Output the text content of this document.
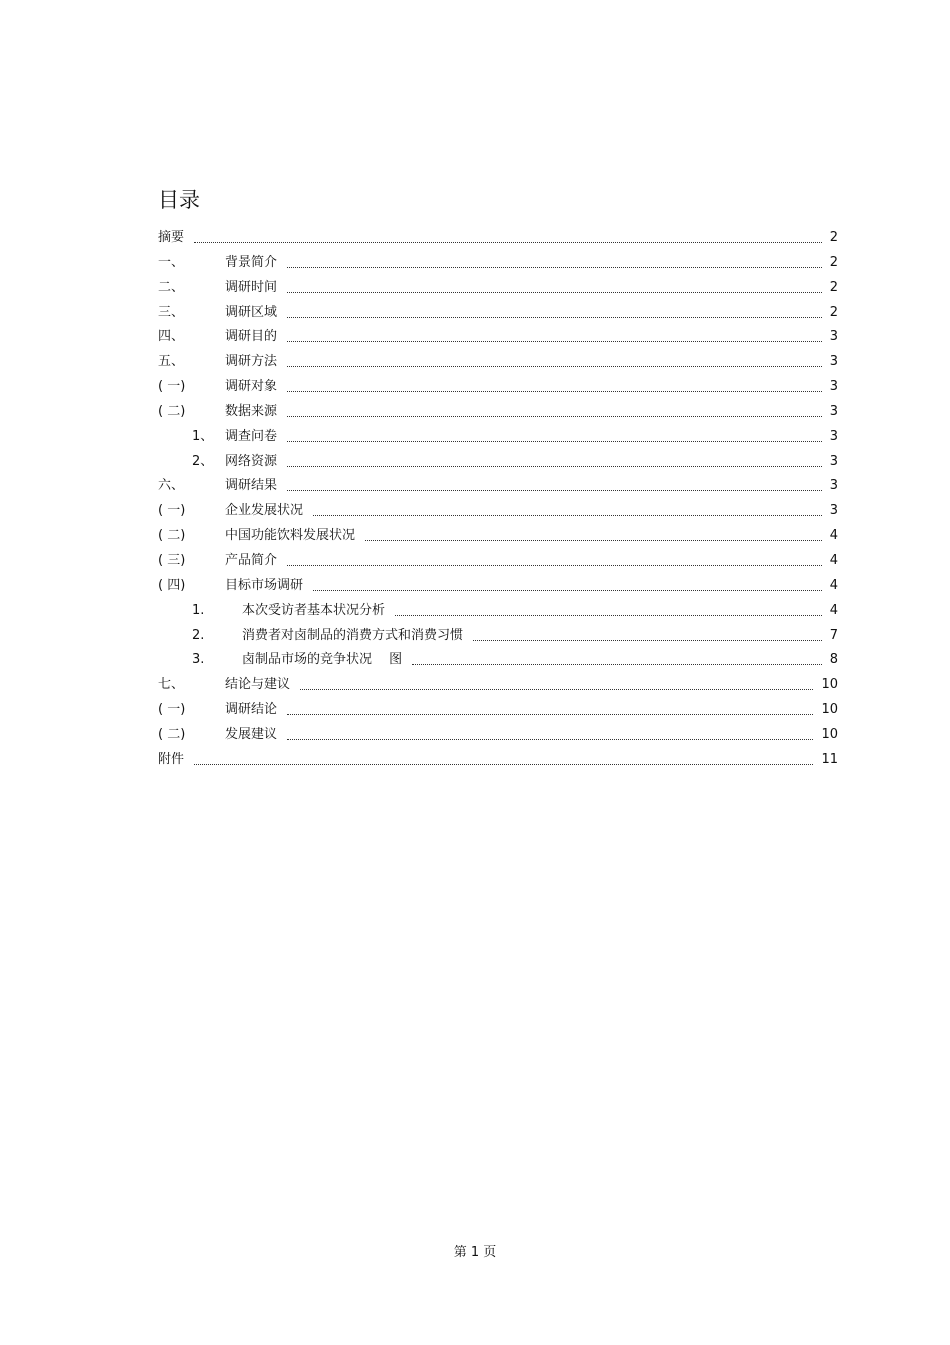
目录
摘要	2
一、	背景简介	2
二、	调研时间	2
三、	调研区域	2
四、	调研目的	3
五、	调研方法	3
( 一)	调研对象	3
( 二)	数据来源	3
1、 调查问卷	3
2、 网络资源	3
六、	调研结果	3
( 一)	企业发展状况	3
( 二)	中国功能饮料发展状况	4
( 三)	产品简介	4
( 四)	目标市场调研	4
1.	本次受访者基本状况分析	4
2.	消费者对卤制品的消费方式和消费习惯	7
3.	卤制品市场的竞争状况　 图	8
七、	结论与建议	10
( 一)	调研结论	10
( 二)	发展建议	10
附件	11
第 1 页
